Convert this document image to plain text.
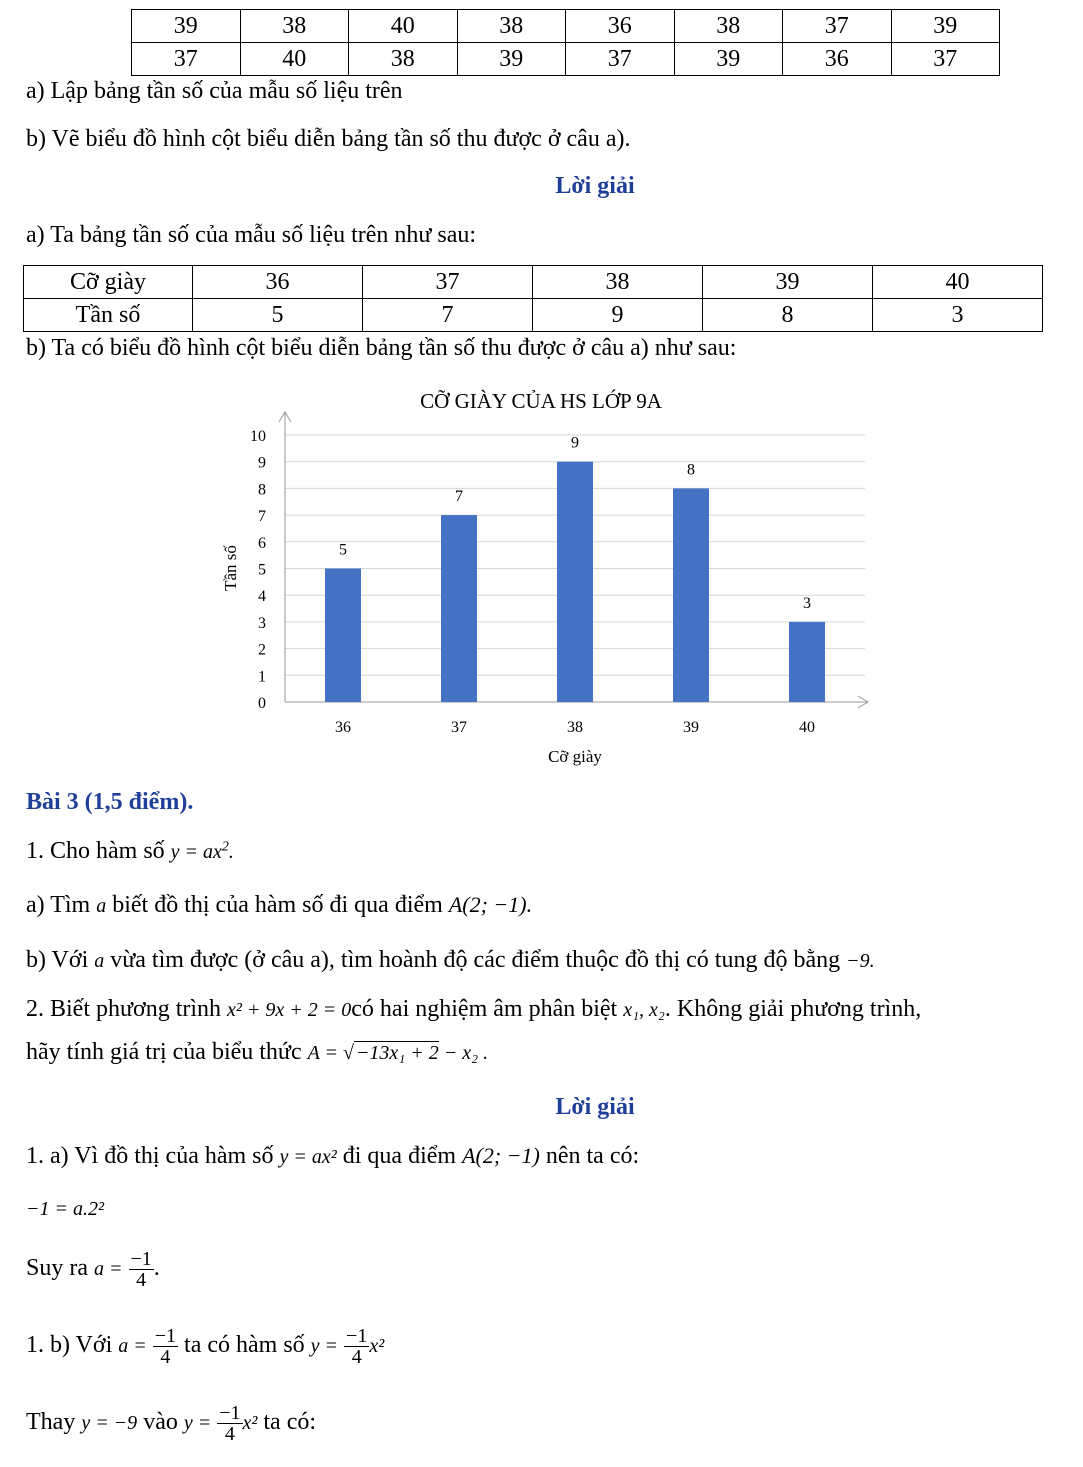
39	38	40	38	36	38	37	39
37	40	38	39	37	39	36	37
a) Lập bảng tần số của mẫu số liệu trên
b) Vẽ biểu đồ hình cột biểu diễn bảng tần số thu được ở câu a).
Lời giải
a) Ta bảng tần số của mẫu số liệu trên như sau:
Cỡ giày	36	37	38	39	40
Tần số	5	7	9	8	3
b) Ta có biểu đồ hình cột biểu diễn bảng tần số thu được ở câu a) như sau:
CỠ GIÀY CỦA HS LỚP 9A
0
1
2
3
4
5
6
7
8
9
10
5
36
7
37
9
38
8
39
3
40
Cỡ giày
Tần số
Bài 3 (1,5 điểm).
1. Cho hàm số $y = ax^2$.
a) Tìm a biết đồ thị của hàm số đi qua điểm A(2; −1).
b) Với a vừa tìm được (ở câu a), tìm hoành độ các điểm thuộc đồ thị có tung độ bằng −9.
2. Biết phương trình x² + 9x + 2 = 0có hai nghiệm âm phân biệt x₁, x₂. Không giải phương trình,
hãy tính giá trị của biểu thức A = √ −13x₁ + 2 − x₂ .
Lời giải
1. a) Vì đồ thị của hàm số y = ax² đi qua điểm A(2; −1) nên ta có:
−1 = a.2²
Suy ra $a = \frac{-1}{4}$ .
1. b) Với $a = \frac{-1}{4}$ ta có hàm số $y = \frac{-1}{4} x^2$
Thay y = −9 vào $y = \frac{-1}{4} x^2$ ta có:
